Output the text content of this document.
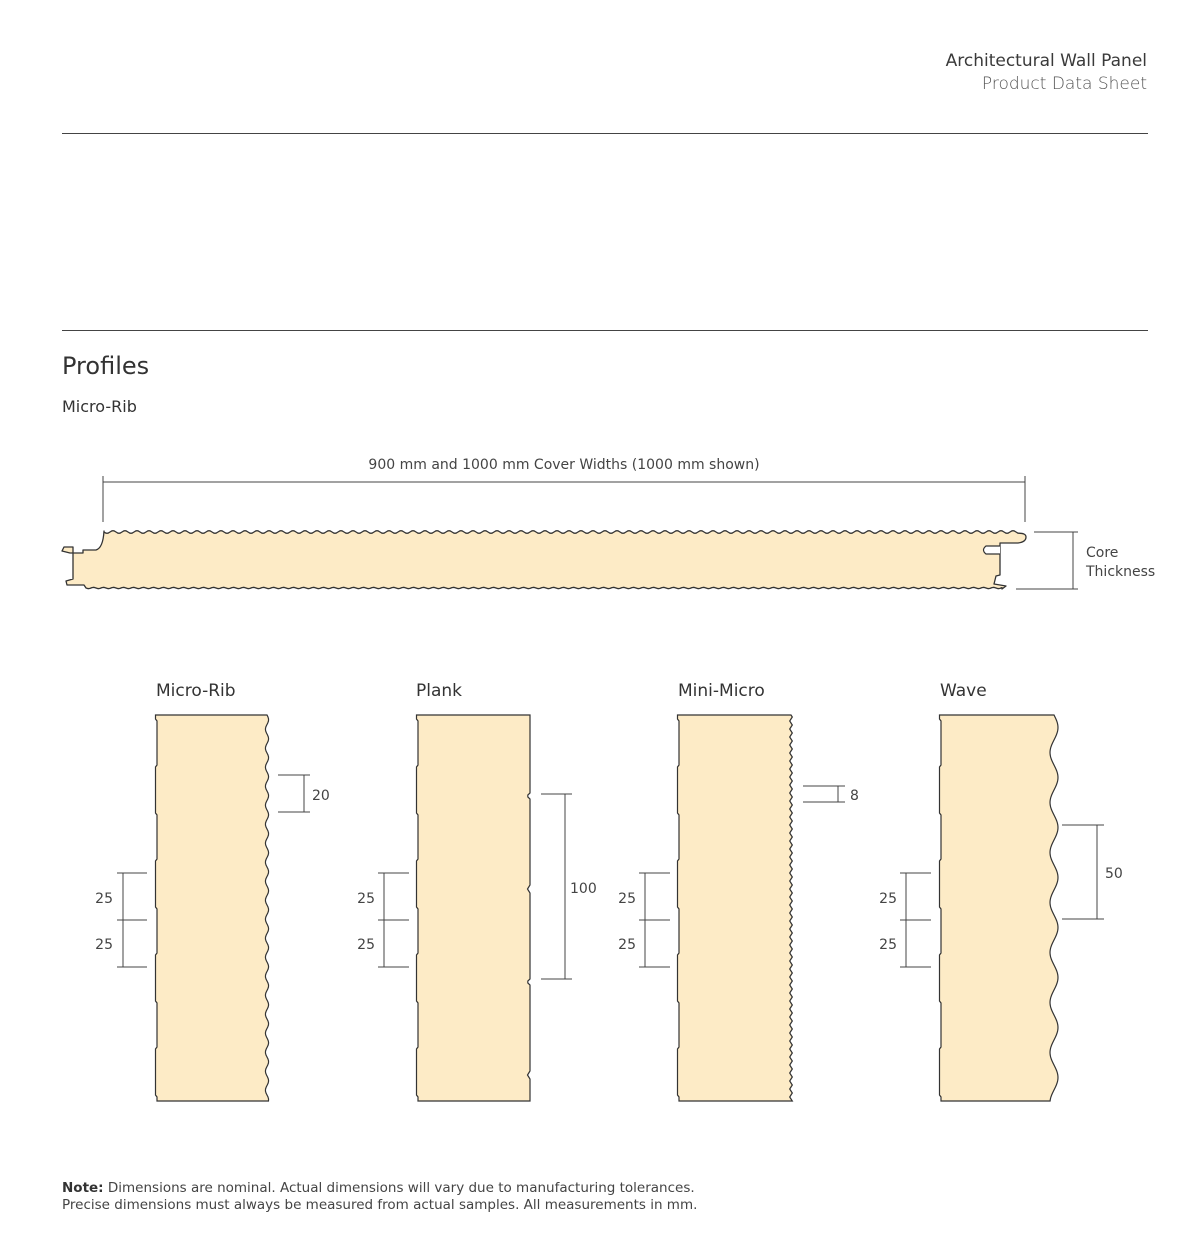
Architectural Wall Panel
Product Data Sheet
Profiles
Micro-Rib
900 mm and 1000 mm Cover Widths (1000 mm shown)
Core
Thickness
Micro-Rib
25
25
20
Plank
25
25
100
Mini-Micro
25
25
8
Wave
25
25
50
Note: Dimensions are nominal. Actual dimensions will vary due to manufacturing tolerances.
Precise dimensions must always be measured from actual samples. All measurements in mm.
